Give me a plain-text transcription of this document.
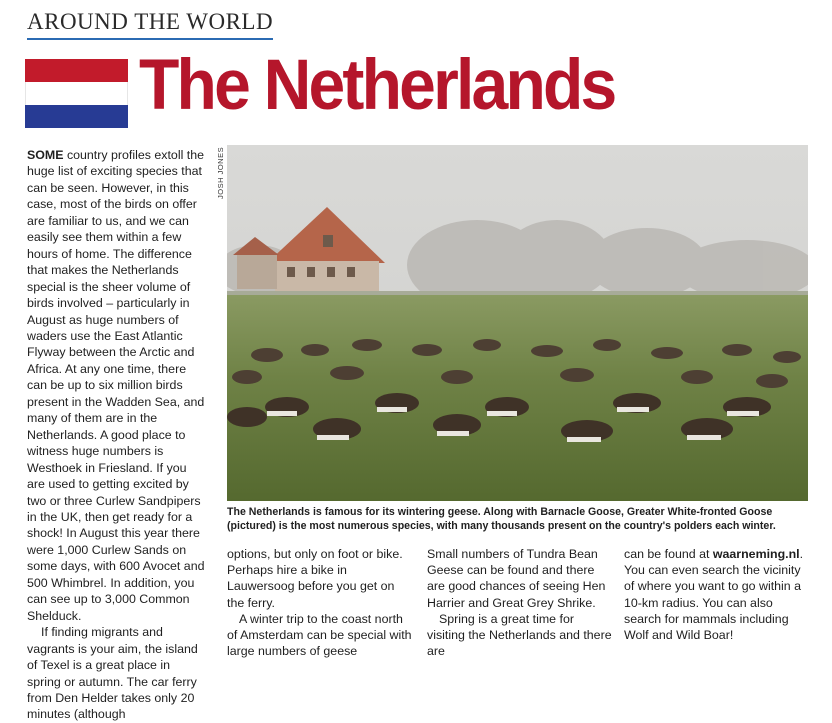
AROUND THE WORLD
The Netherlands

SOME country profiles extoll the huge list of exciting species that can be seen. However, in this case, most of the birds on offer are familiar to us, and we can easily see them within a few hours of home. The difference that makes the Netherlands special is the sheer volume of birds involved – particularly in August as huge numbers of waders use the East Atlantic Flyway between the Arctic and Africa. At any one time, there can be up to six million birds present in the Wadden Sea, and many of them are in the Netherlands. A good place to witness huge numbers is Westhoek in Friesland. If you are used to getting excited by two or three Curlew Sandpipers in the UK, then get ready for a shock! In August this year there were 1,000 Curlew Sands on some days, with 600 Avocet and 500 Whimbrel. In addition, you can see up to 3,000 Common Shelduck.

If finding migrants and vagrants is your aim, the island of Texel is a great place in spring or autumn. The car ferry from Den Helder takes only 20 minutes (although

JOSH JONES
The Netherlands is famous for its wintering geese. Along with Barnacle Goose, Greater White-fronted Goose (pictured) is the most numerous species, with many thousands present on the country's polders each winter.

options, but only on foot or bike. Perhaps hire a bike in Lauwersoog before you get on the ferry.

A winter trip to the coast north of Amsterdam can be special with large numbers of geese

Small numbers of Tundra Bean Geese can be found and there are good chances of seeing Hen Harrier and Great Grey Shrike.

Spring is a great time for visiting the Netherlands and there are

can be found at waarneming.nl. You can even search the vicinity of where you want to go within a 10-km radius. You can also search for mammals including Wolf and Wild Boar!
